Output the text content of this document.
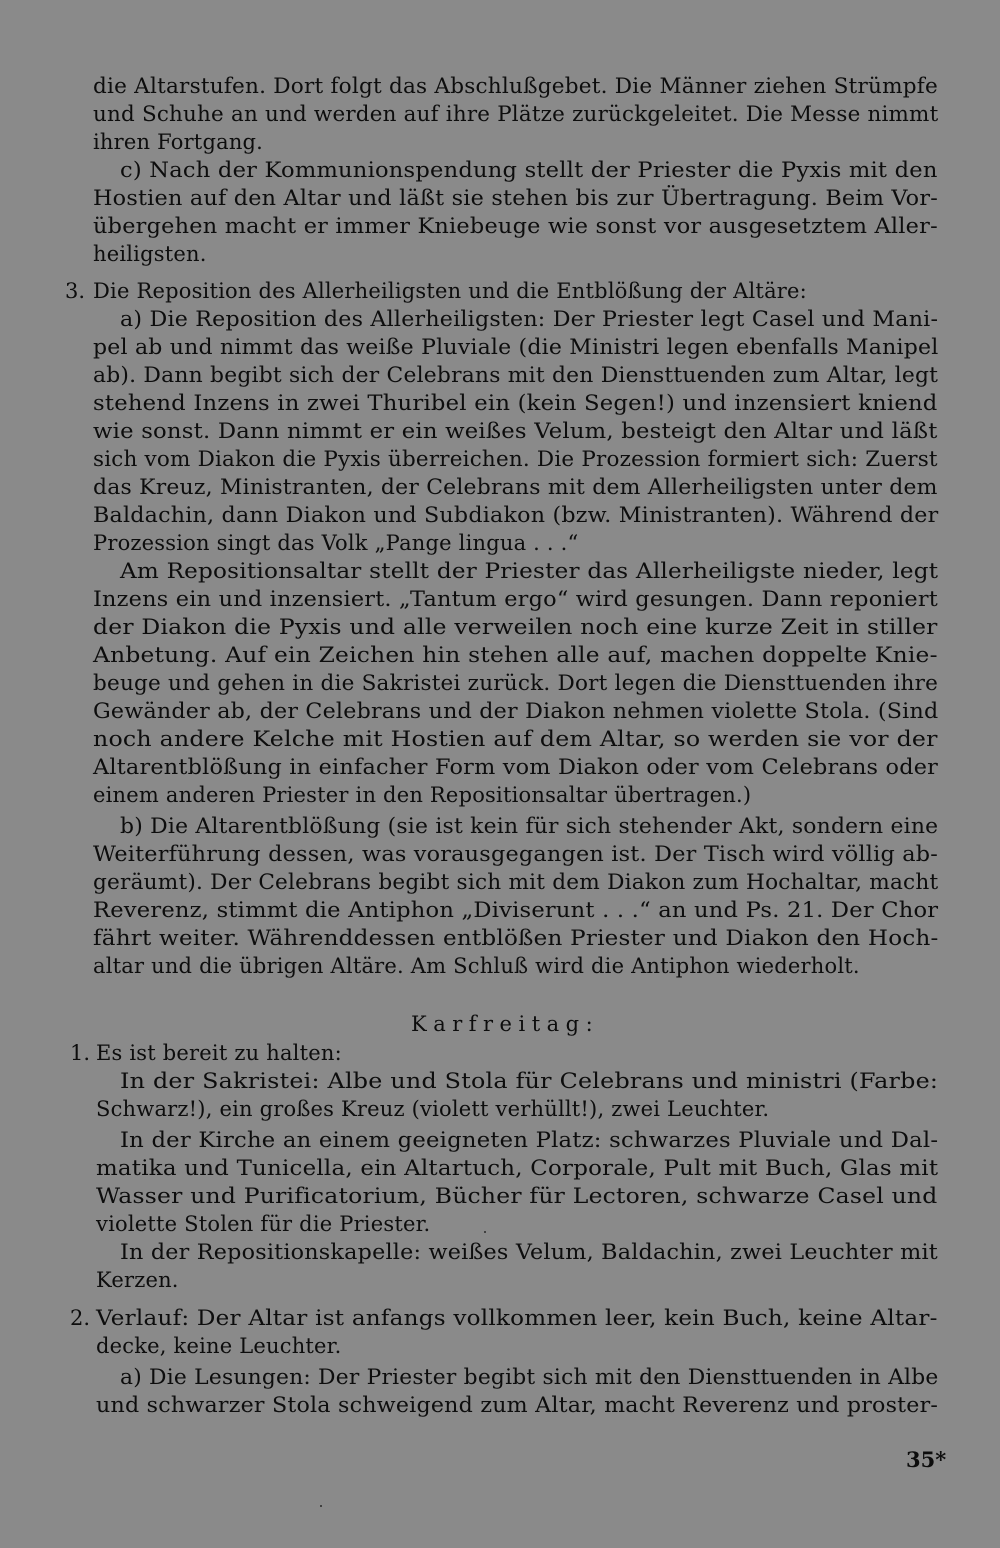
die Altarstufen. Dort folgt das Abschlußgebet. Die Männer ziehen Strümpfe
und Schuhe an und werden auf ihre Plätze zurückgeleitet. Die Messe nimmt
ihren Fortgang.
c) Nach der Kommunionspendung stellt der Priester die Pyxis mit den
Hostien auf den Altar und läßt sie stehen bis zur Übertragung. Beim Vor-
übergehen macht er immer Kniebeuge wie sonst vor ausgesetztem Aller-
heiligsten.
Die Reposition des Allerheiligsten und die Entblößung der Altäre:
a) Die Reposition des Allerheiligsten: Der Priester legt Casel und Mani-
pel ab und nimmt das weiße Pluviale (die Ministri legen ebenfalls Manipel
ab). Dann begibt sich der Celebrans mit den Diensttuenden zum Altar, legt
stehend Inzens in zwei Thuribel ein (kein Segen!) und inzensiert kniend
wie sonst. Dann nimmt er ein weißes Velum, besteigt den Altar und läßt
sich vom Diakon die Pyxis überreichen. Die Prozession formiert sich: Zuerst
das Kreuz, Ministranten, der Celebrans mit dem Allerheiligsten unter dem
Baldachin, dann Diakon und Subdiakon (bzw. Ministranten). Während der
Prozession singt das Volk „Pange lingua . . .“
Am Repositionsaltar stellt der Priester das Allerheiligste nieder, legt
Inzens ein und inzensiert. „Tantum ergo“ wird gesungen. Dann reponiert
der Diakon die Pyxis und alle verweilen noch eine kurze Zeit in stiller
Anbetung. Auf ein Zeichen hin stehen alle auf, machen doppelte Knie-
beuge und gehen in die Sakristei zurück. Dort legen die Diensttuenden ihre
Gewänder ab, der Celebrans und der Diakon nehmen violette Stola. (Sind
noch andere Kelche mit Hostien auf dem Altar, so werden sie vor der
Altarentblößung in einfacher Form vom Diakon oder vom Celebrans oder
einem anderen Priester in den Repositionsaltar übertragen.)
b) Die Altarentblößung (sie ist kein für sich stehender Akt, sondern eine
Weiterführung dessen, was vorausgegangen ist. Der Tisch wird völlig ab-
geräumt). Der Celebrans begibt sich mit dem Diakon zum Hochaltar, macht
Reverenz, stimmt die Antiphon „Diviserunt . . .“ an und Ps. 21. Der Chor
fährt weiter. Währenddessen entblößen Priester und Diakon den Hoch-
altar und die übrigen Altäre. Am Schluß wird die Antiphon wiederholt.
Es ist bereit zu halten:
In der Sakristei: Albe und Stola für Celebrans und ministri (Farbe:
Schwarz!), ein großes Kreuz (violett verhüllt!), zwei Leuchter.
In der Kirche an einem geeigneten Platz: schwarzes Pluviale und Dal-
matika und Tunicella, ein Altartuch, Corporale, Pult mit Buch, Glas mit
Wasser und Purificatorium, Bücher für Lectoren, schwarze Casel und
violette Stolen für die Priester.
In der Repositionskapelle: weißes Velum, Baldachin, zwei Leuchter mit
Kerzen.
Verlauf: Der Altar ist anfangs vollkommen leer, kein Buch, keine Altar-
decke, keine Leuchter.
a) Die Lesungen: Der Priester begibt sich mit den Diensttuenden in Albe
und schwarzer Stola schweigend zum Altar, macht Reverenz und proster-
3.
Karfreitag:
1.
2.
35*
